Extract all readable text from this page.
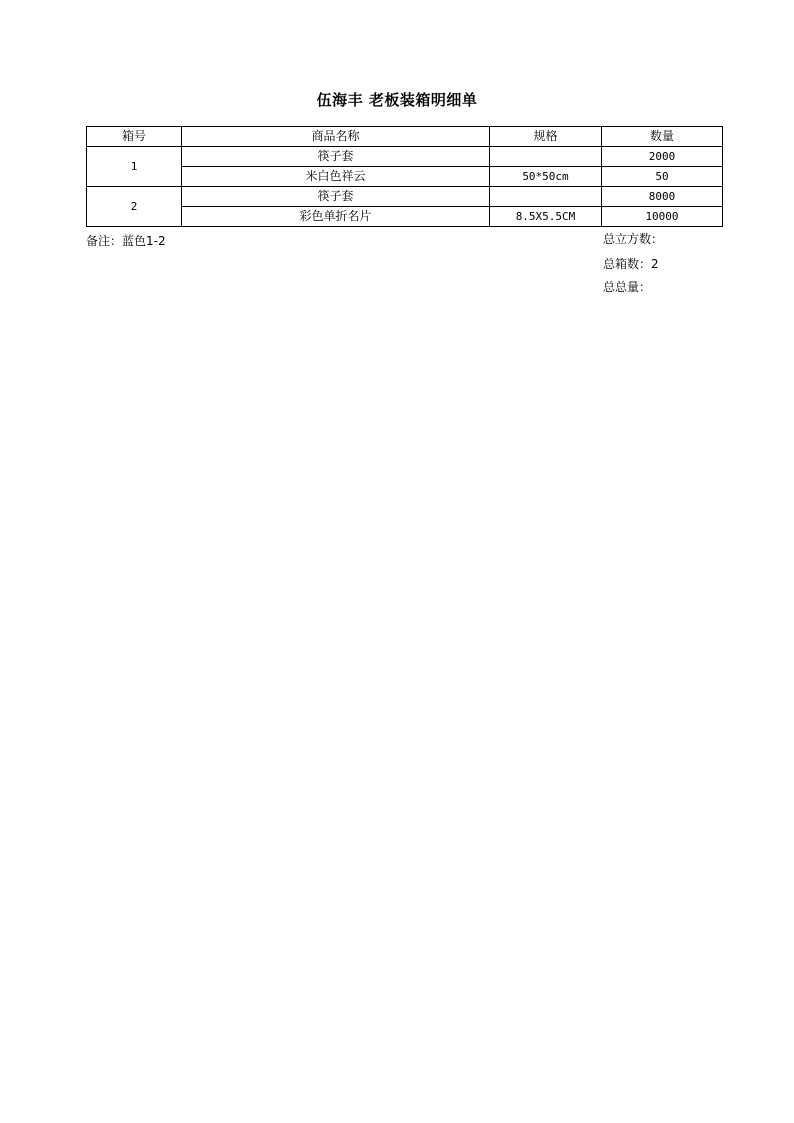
伍海丰 老板装箱明细单
箱号	商品名称	规格	数量
1	筷子套		2000
	米白色祥云	50*50cm	50
2	筷子套		8000
	彩色单折名片	8.5X5.5CM	10000
备注：蓝色1-2	总立方数：
总箱数：2
总总量：
